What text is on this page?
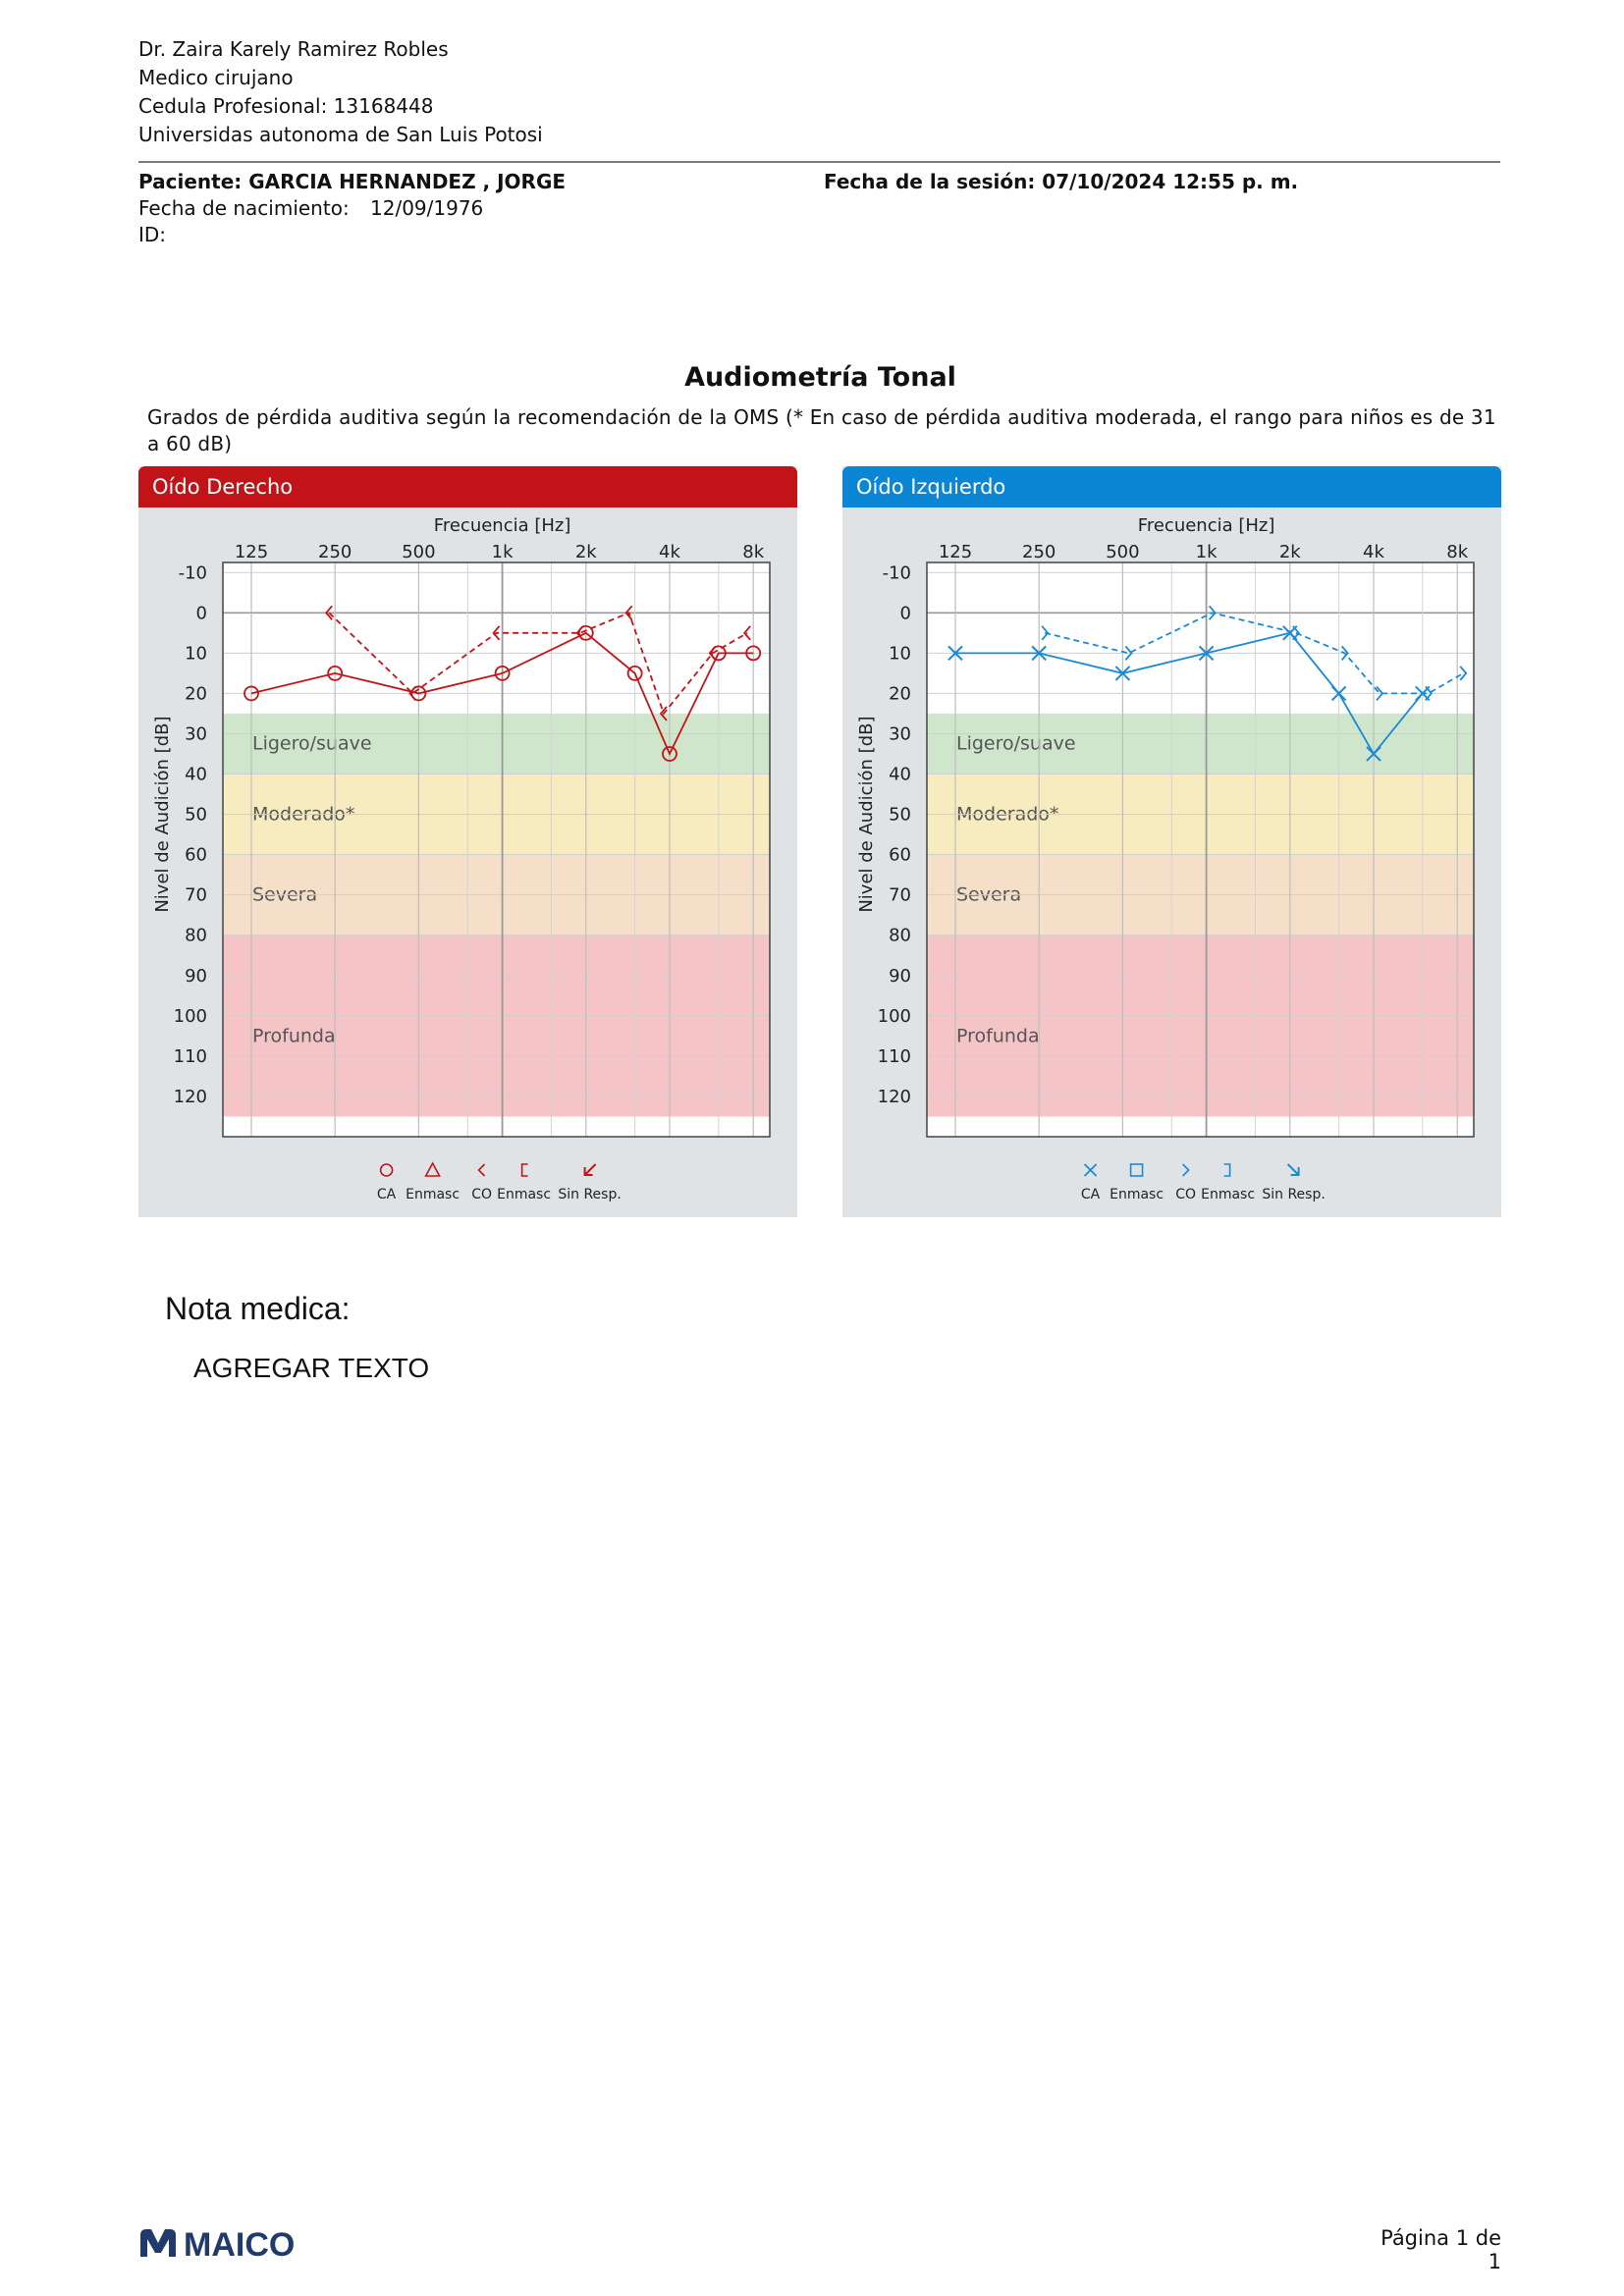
Dr. Zaira Karely Ramirez Robles
Medico cirujano
Cedula Profesional: 13168448
Universidas autonoma de San Luis Potosi
Paciente: GARCIA HERNANDEZ , JORGE
Fecha de nacimiento: 12/09/1976
ID:
Fecha de la sesión: 07/10/2024 12:55 p. m.
Audiometría Tonal
Grados de pérdida auditiva según la recomendación de la OMS (* En caso de pérdida auditiva moderada, el rango para niños es de 31 a 60 dB)
Oído Derecho
Ligero/suave
Moderado*
Severa
Profunda
Frecuencia [Hz]
125	250	500	1k	2k	4k	8k
-10
0
10
20
30
40
50
60
70
80
90
100
110
120
Nivel de Audición [dB]
CA Enmasc CO Enmasc Sin Resp.
Oído Izquierdo
Ligero/suave
Moderado*
Severa
Profunda
Frecuencia [Hz]
125	250	500	1k	2k	4k	8k
-10
0
10
20
30
40
50
60
70
80
90
100
110
120
Nivel de Audición [dB]
CA Enmasc CO Enmasc Sin Resp.
Nota medica:
AGREGAR TEXTO
MAICO	Página 1 de 1
